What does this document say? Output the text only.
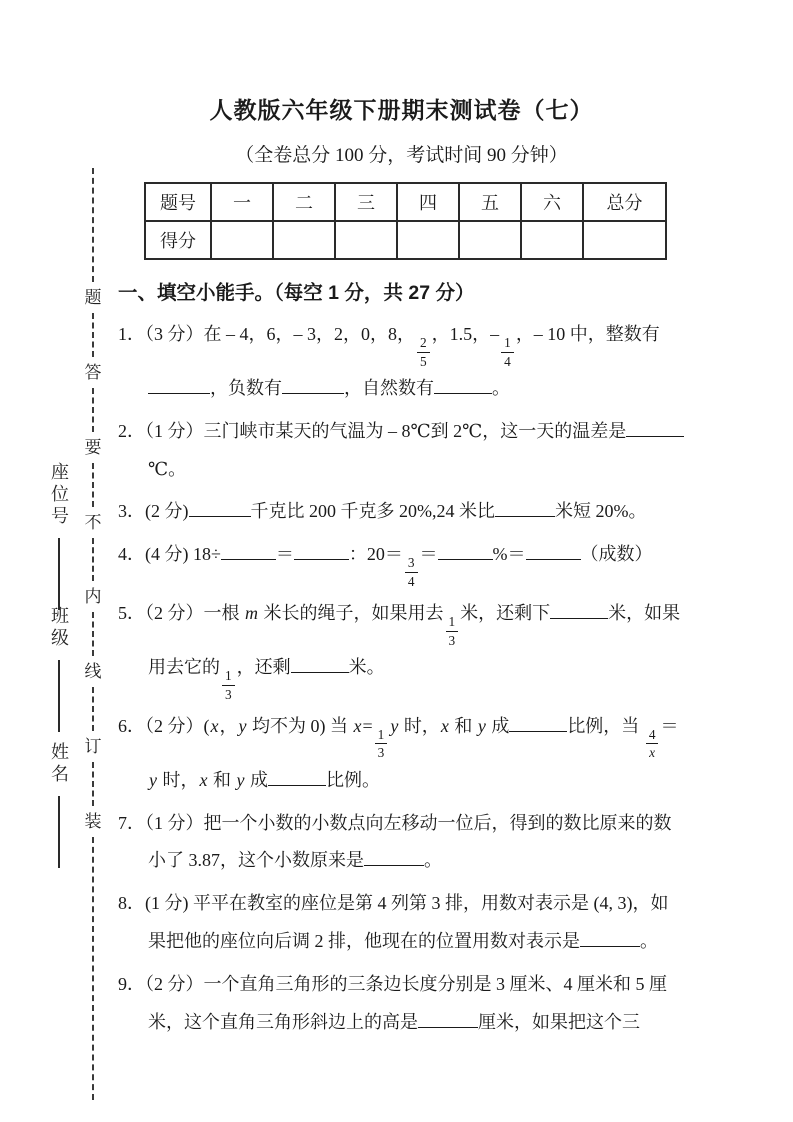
座位号
班级
姓名
题
答
要
不
内
线
订
装
人教版六年级下册期末测试卷（七）
（全卷总分 100 分，考试时间 90 分钟）
题号	一	二	三	四	五	六	总分
得分							
一、填空小能手。（每空 1 分，共 27 分）
1．（3 分）在 – 4，6，– 3，2，0，8，
$\frac{2}{5}$
，1.5，–
$\frac{1}{4}$
，– 10 中，整数有，负数有	，自然数有	。
2．（1 分）三门峡市某天的气温为 – 8℃到 2℃，这一天的温差是℃。
3．(2 分)	千克比 200 千克多 20%,24 米比	米短 20%。
4．(4 分) 18÷	＝	：20＝
$\frac{3}{4}$
＝	%＝	（成数）
5．（2 分）一根 m 米长的绳子，如果用去
$\frac{1}{3}$
米，还剩下	米，如果用去它的
$\frac{1}{3}$
，还剩	米。
6．（2 分）(x，y 均不为 0) 当 x=
$\frac{1}{3}$
y 时，x 和 y 成	比例，当
$\frac{4}{x}$
＝y 时，x 和 y 成	比例。
7．（1 分）把一个小数的小数点向左移动一位后，得到的数比原来的数小了 3.87，这个小数原来是	。
8．(1 分) 平平在教室的座位是第 4 列第 3 排，用数对表示是 (4, 3)，如果把他的座位向后调 2 排，他现在的位置用数对表示是	。
9．（2 分）一个直角三角形的三条边长度分别是 3 厘米、4 厘米和 5 厘米，这个直角三角形斜边上的高是	厘米，如果把这个三
